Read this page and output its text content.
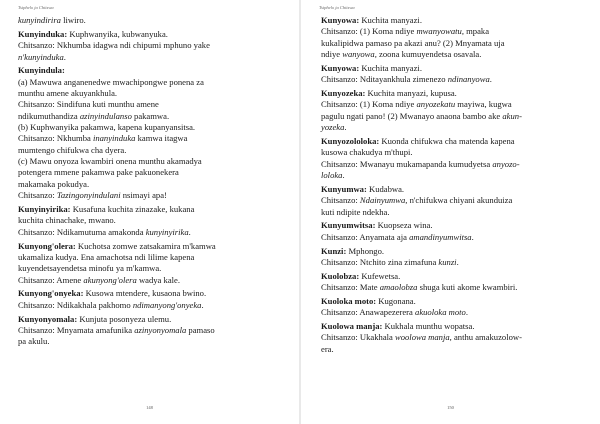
Tsiphelo ja Chitswa

kunyindirira liwiro.

Kunyinduka: Kuphwanyika, kubwanyuka.

Chitsanzo: Nkhumba idagwa ndi chipumi mphuno yake

n'kunyinduka.

Kunyindula:

(a) Mawuwa anganenedwe mwachipongwe ponena za

munthu amene akuyankhula.

Chitsanzo: Sindifuna kuti munthu amene

ndikumuthandiza azinyindulanso pakamwa.

(b) Kuphwanyika pakamwa, kapena kupanyansitsa.

Chitsanzo: Nkhumba inanyinduka kamwa itagwa

mumtengo chifukwa cha dyera.

(c) Mawu onyoza kwambiri onena munthu akamadya

potengera mmene pakamwa pake pakuonekera

makamaka pokudya.

Chitsanzo: Tazingonyindulani nsimayi apa!

Kunyinyirika: Kusafuna kuchita zinazake, kukana

kuchita chinachake, mwano.

Chitsanzo: Ndikamutuma amakonda kunyinyirika.

Kunyong'olera: Kuchotsa zomwe zatsakamira m'kamwa

ukamaliza kudya. Ena amachotsa ndi lilime kapena

kuyendetsayendetsa minofu ya m'kamwa.

Chitsanzo: Amene akunyong'olera wadya kale.

Kunyong'onyeka: Kusowa mtendere, kusaona bwino.

Chitsanzo: Ndikakhala pakhomo ndimanyong'onyeka.

Kunyonyomala: Kunjuta posonyeza ulemu.

Chitsanzo: Mnyamata amafunika azinyonyomala pamaso

pa akulu.

148
Tsiphelo ja Chitswa

Kunyowa: Kuchita manyazi.

Chitsanzo: (1) Koma ndiye mwanyowatu, mpaka

kukalipidwa pamaso pa akazi anu? (2) Mnyamata uja

ndiye wanyowa, zoona kumuyendetsa osavala.

Kunyowa: Kuchita manyazi.

Chitsanzo: Nditayankhula zimenezo ndinanyowa.

Kunyozeka: Kuchita manyazi, kupusa.

Chitsanzo: (1) Koma ndiye anyozekatu mayiwa, kugwa

pagulu ngati pano! (2) Mwanayo anaona bambo ake akun-

yozeka.

Kunyozololoka: Kuonda chifukwa cha matenda kapena

kusowa chakudya m'thupi.

Chitsanzo: Mwanayu mukamapanda kumudyetsa anyozo-

loloka.

Kunyumwa: Kudabwa.

Chitsanzo: Ndainyumwa, n'chifukwa chiyani akunduiza

kuti ndipite ndekha.

Kunyumwitsa: Kuopseza wina.

Chitsanzo: Anyamata aja amandinyumwitsa.

Kunzi: Mphongo.

Chitsanzo: Ntchito zina zimafuna kunzi.

Kuolobza: Kufewetsa.

Chitsanzo: Mate amaolobza shuga kuti akome kwambiri.

Kuoloka moto: Kugonana.

Chitsanzo: Anawapezerera akuoloka moto.

Kuolowa manja: Kukhala munthu wopatsa.

Chitsanzo: Ukakhala woolowa manja, anthu amakuzolow-

era.

150
